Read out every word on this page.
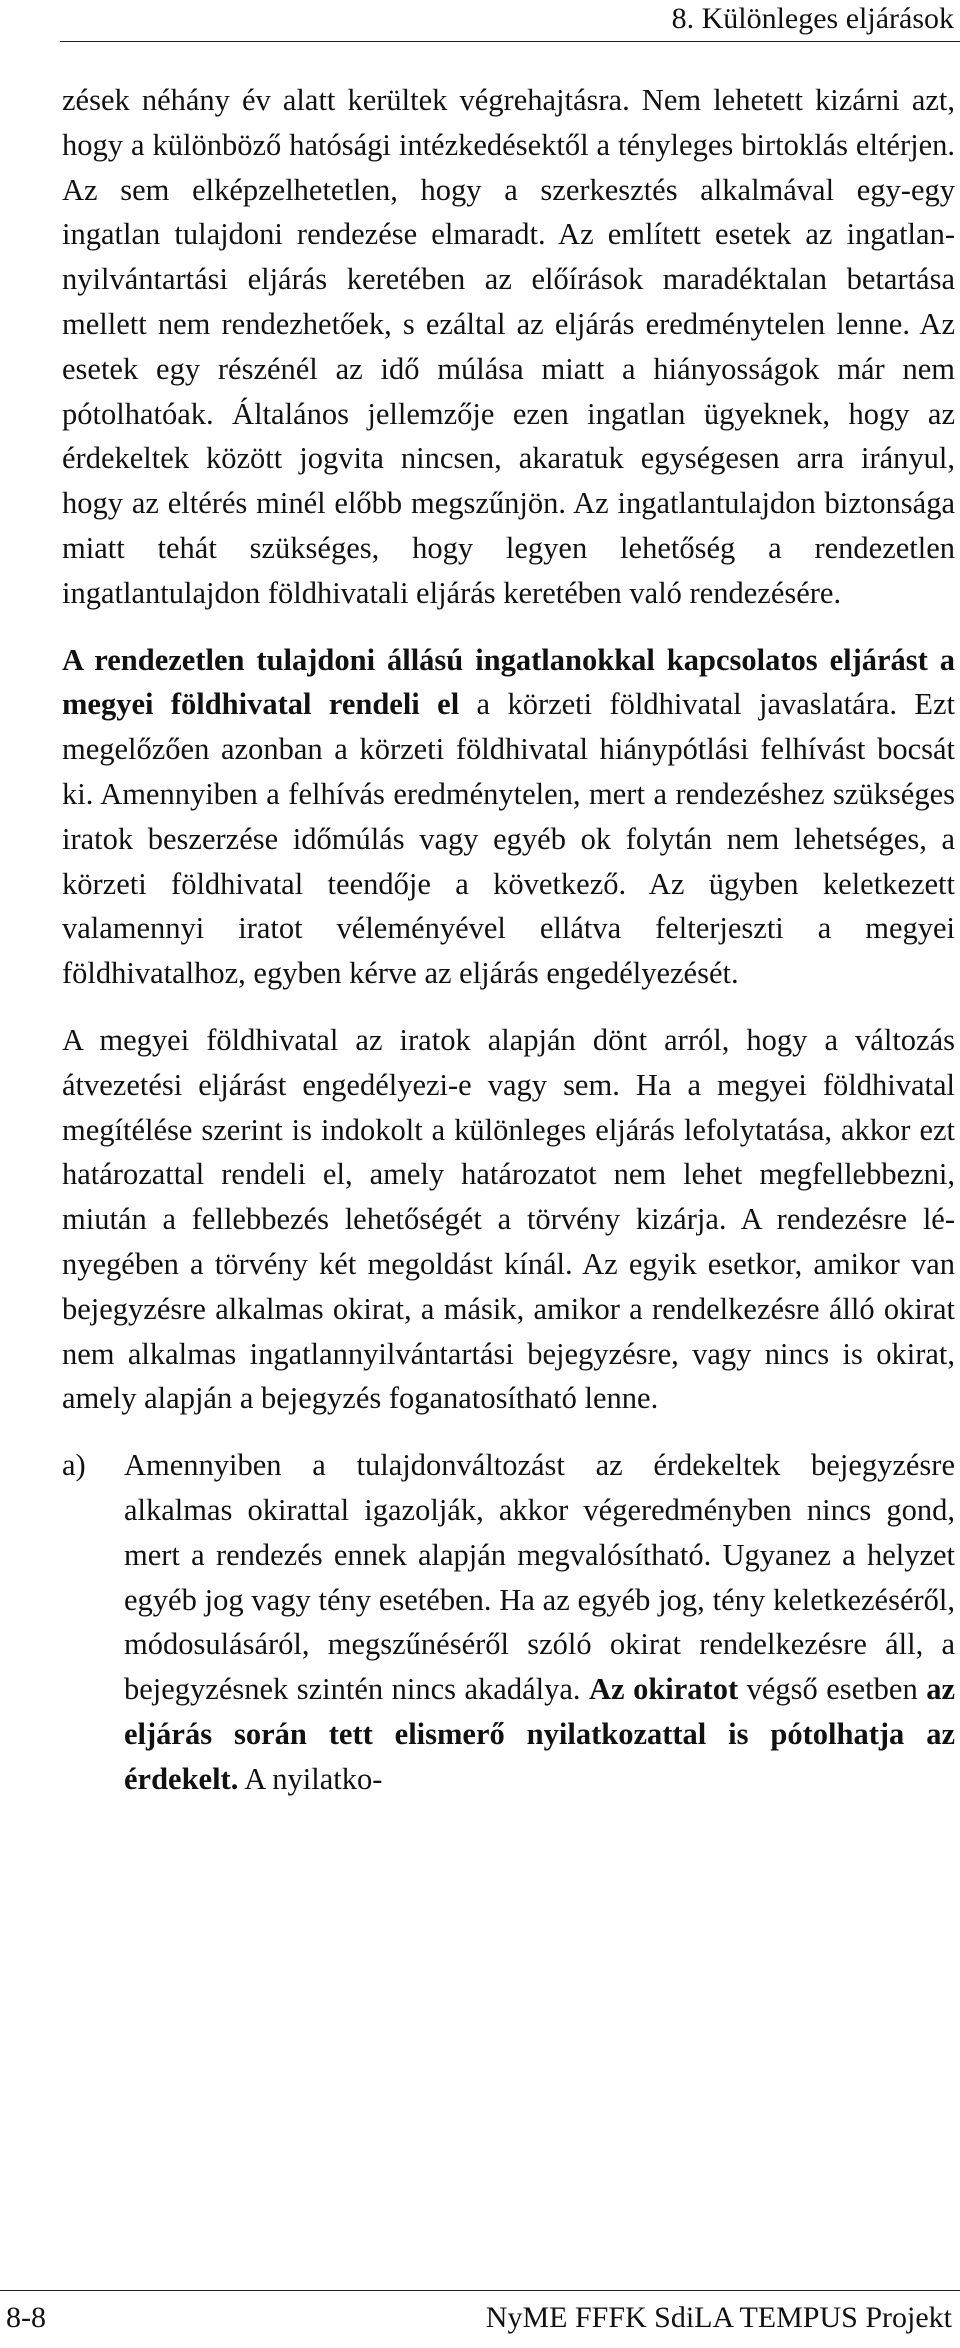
8. Különleges eljárások

zések néhány év alatt kerültek végrehajtásra. Nem lehetett kizárni azt, hogy a különböző hatósági intézkedésektől a tényleges birtoklás eltérjen. Az sem elképzelhetetlen, hogy a szerkesztés alkalmával egy-egy ingatlan tulajdoni rendezése elmaradt. Az említett esetek az ingatlannyilvántartási eljárás keretében az előírások maradéktalan betartása mellett nem rendezhetőek, s ezáltal az eljárás eredménytelen lenne. Az esetek egy részénél az idő múlása miatt a hiányosságok már nem pótolhatóak. Általános jellemzője ezen ingatlan ügyeknek, hogy az érdekeltek között jogvita nincsen, akaratuk egységesen arra irányul, hogy az eltérés minél előbb megszűnjön. Az ingatlantulajdon biztonsága miatt tehát szükséges, hogy legyen lehetőség a rendezetlen ingatlantulajdon földhivatali eljárás keretében való rendezésére.

A rendezetlen tulajdoni állású ingatlanokkal kapcsolatos eljárást a megyei földhivatal rendeli el a körzeti földhivatal javaslatára. Ezt megelőzően azonban a körzeti földhivatal hiánypótlási felhívást bocsát ki. Amennyiben a felhívás eredménytelen, mert a rendezéshez szükséges iratok beszerzése időmúlás vagy egyéb ok folytán nem lehetséges, a körzeti földhivatal teendője a következő. Az ügyben keletkezett valamennyi iratot véleményével ellátva felterjeszti a megyei földhivatalhoz, egyben kérve az eljárás engedélyezését.

A megyei földhivatal az iratok alapján dönt arról, hogy a változás átvezetési eljárást engedélyezi-e vagy sem. Ha a megyei földhivatal megítélése szerint is indokolt a különleges eljárás lefolytatása, akkor ezt határozattal rendeli el, amely határozatot nem lehet megfellebbezni, miután a fellebbezés lehetőségét a törvény kizárja. A rendezésre lényegében a törvény két megoldást kínál. Az egyik esetkor, amikor van bejegyzésre alkalmas okirat, a másik, amikor a rendelkezésre álló okirat nem alkalmas ingatlannyilvántartási bejegyzésre, vagy nincs is okirat, amely alapján a bejegyzés foganatosítható lenne.

a) Amennyiben a tulajdonváltozást az érdekeltek bejegyzésre alkalmas okirattal igazolják, akkor végeredményben nincs gond, mert a rendezés ennek alapján megvalósítható. Ugyanez a helyzet egyéb jog vagy tény esetében. Ha az egyéb jog, tény keletkezéséről, módosulásáról, megszűnéséről szóló okirat rendelkezésre áll, a bejegyzésnek szintén nincs akadálya. Az okiratot végső esetben az eljárás során tett elismerő nyilatkozattal is pótolhatja az érdekelt. A nyilatko-
8-8	NyME FFFK SdiLA TEMPUS Projekt
